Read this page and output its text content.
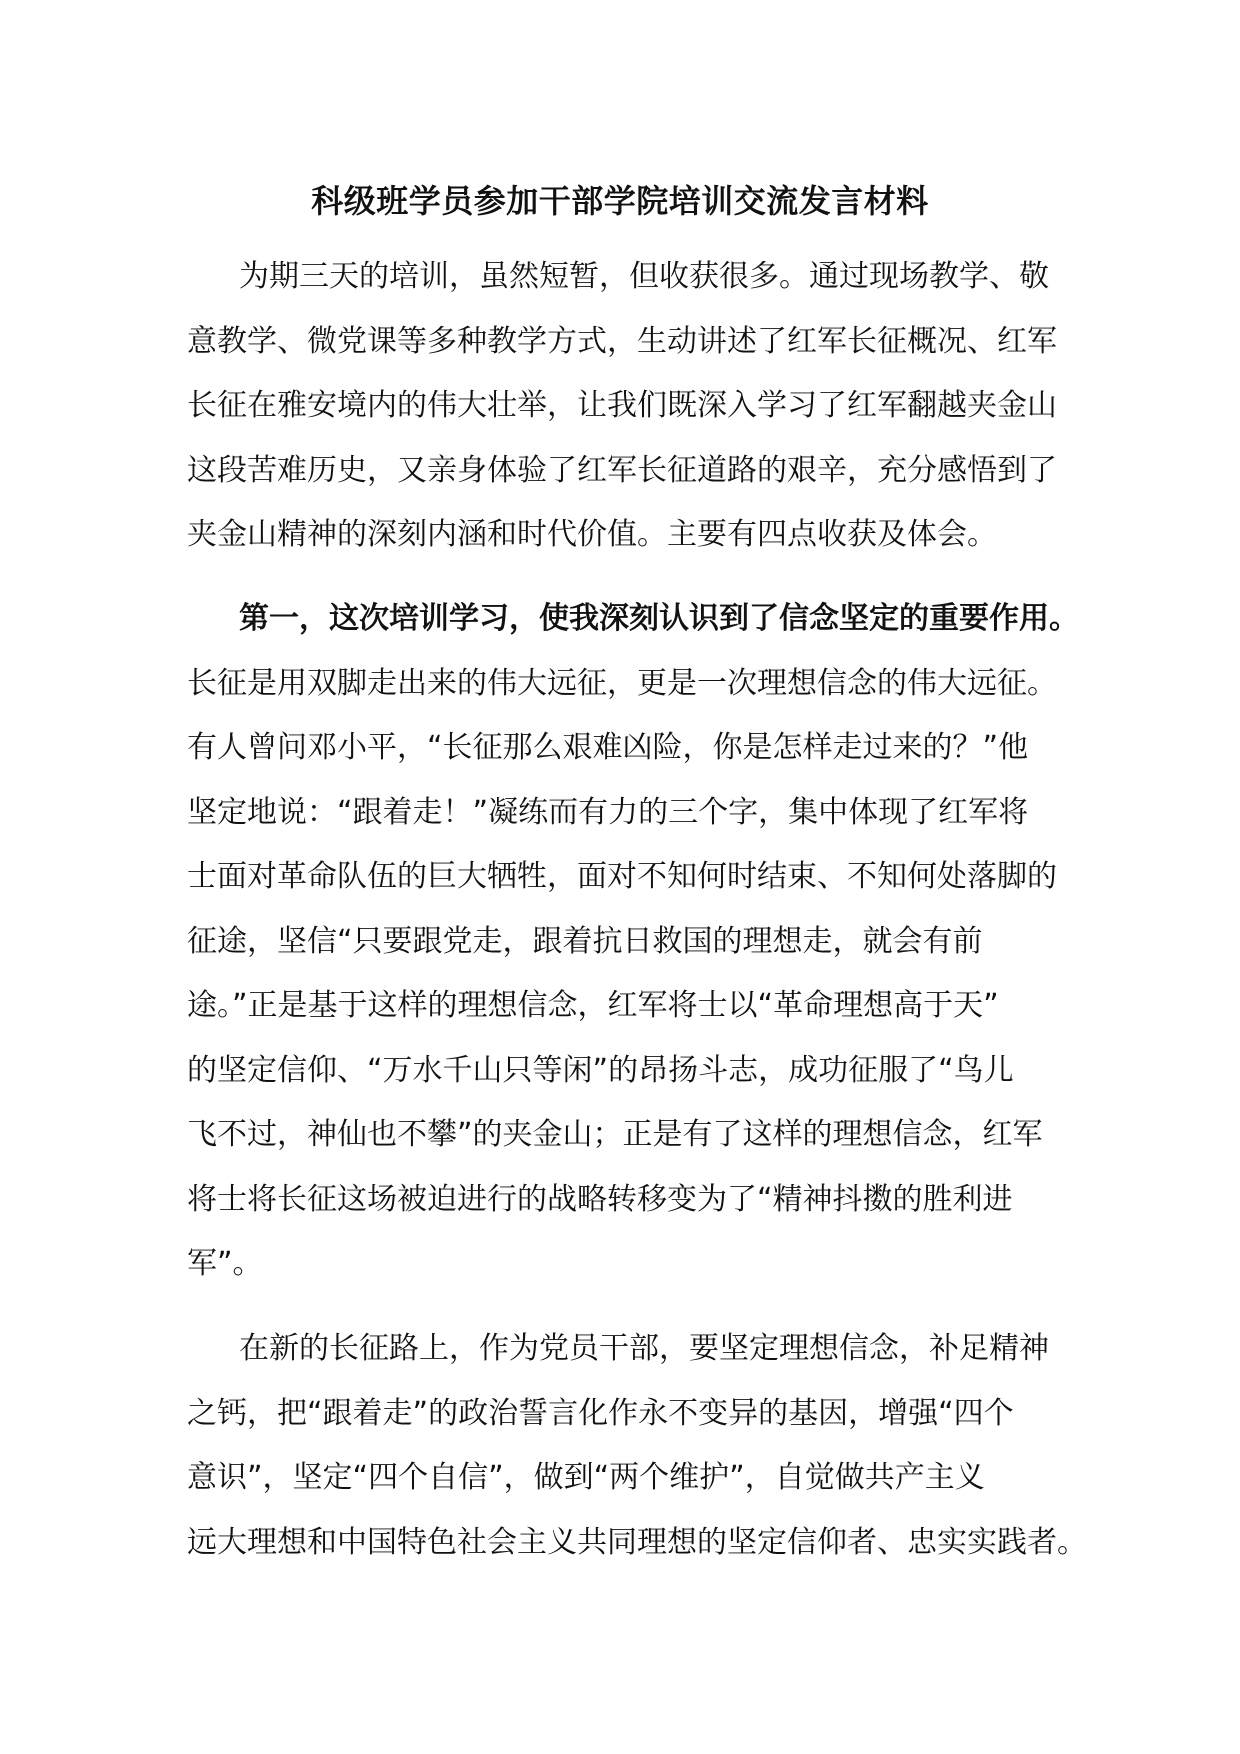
科级班学员参加干部学院培训交流发言材料
为期三天的培训，虽然短暂，但收获很多。通过现场教学、敬
意教学、微党课等多种教学方式，生动讲述了红军长征概况、红军
长征在雅安境内的伟大壮举，让我们既深入学习了红军翻越夹金山
这段苦难历史，又亲身体验了红军长征道路的艰辛，充分感悟到了
夹金山精神的深刻内涵和时代价值。主要有四点收获及体会。
第一，这次培训学习，使我深刻认识到了信念坚定的重要作用。
长征是用双脚走出来的伟大远征，更是一次理想信念的伟大远征。
有人曾问邓小平，“长征那么艰难凶险，你是怎样走过来的？”他
坚定地说：“跟着走！”凝练而有力的三个字，集中体现了红军将
士面对革命队伍的巨大牺牲，面对不知何时结束、不知何处落脚的
征途，坚信“只要跟党走，跟着抗日救国的理想走，就会有前
途。”正是基于这样的理想信念，红军将士以“革命理想高于天”
的坚定信仰、“万水千山只等闲”的昂扬斗志，成功征服了“鸟儿
飞不过，神仙也不攀”的夹金山；正是有了这样的理想信念，红军
将士将长征这场被迫进行的战略转移变为了“精神抖擞的胜利进
军”。
在新的长征路上，作为党员干部，要坚定理想信念，补足精神
之钙，把“跟着走”的政治誓言化作永不变异的基因，增强“四个
意识”，坚定“四个自信”，做到“两个维护”，自觉做共产主义
远大理想和中国特色社会主义共同理想的坚定信仰者、忠实实践者。
